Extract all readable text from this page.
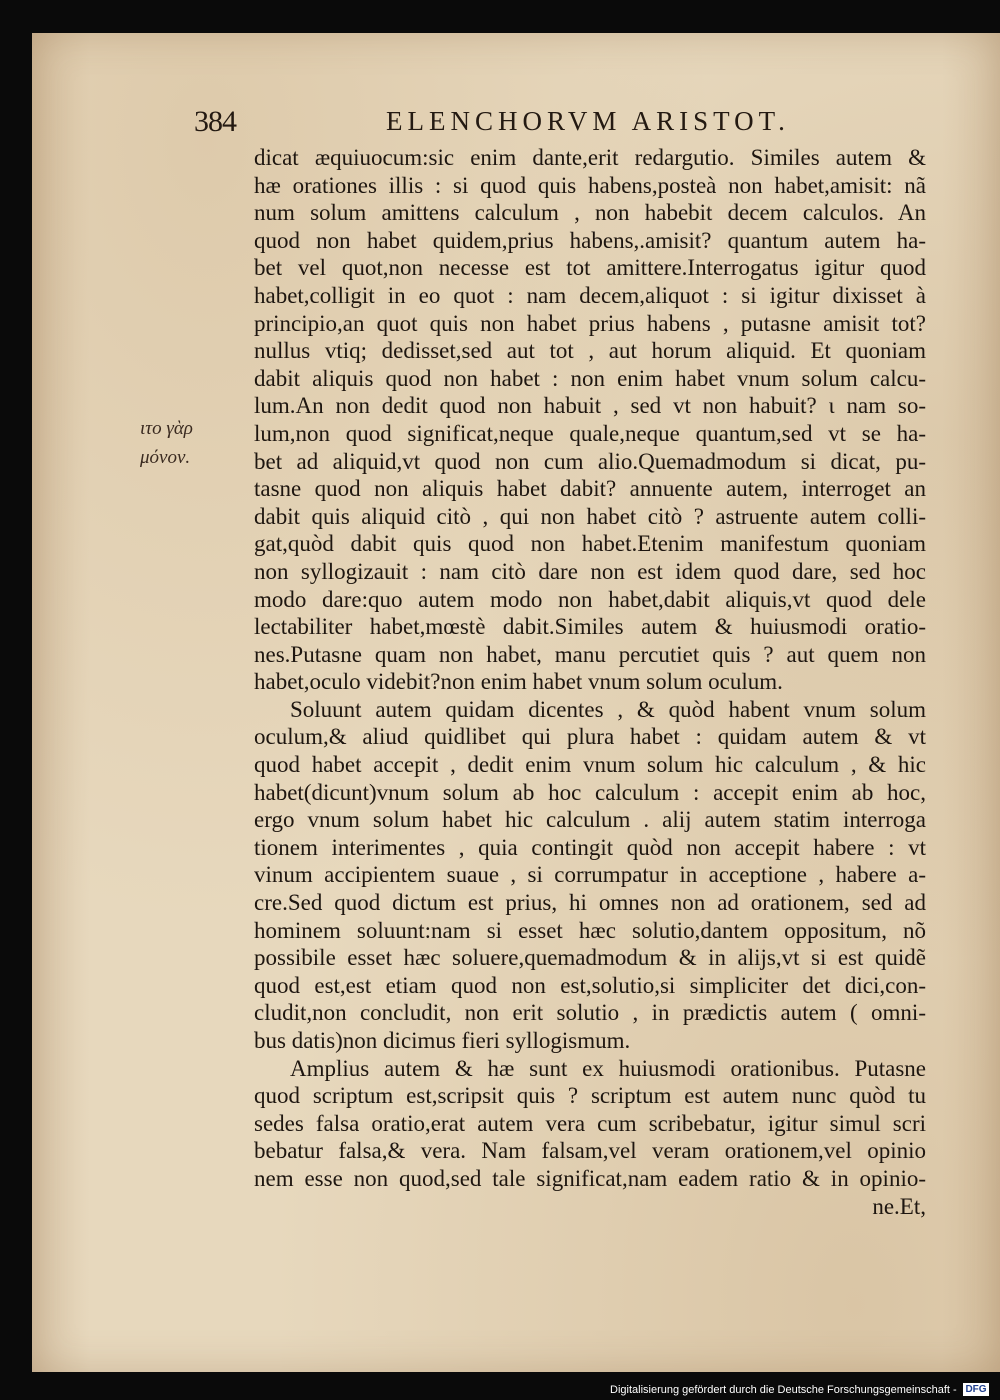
384	ELENCHORVM ARISTOT.
ιτο γὰρ
μόνον.
dicat æquiuocum:sic enim dante,erit redargutio. Similes autem &
hæ orationes illis : si quod quis habens,posteà non habet,amisit: nã
num solum amittens calculum , non habebit decem calculos. An
quod non habet quidem,prius habens,.amisit? quantum autem ha-
bet vel quot,non necesse est tot amittere.Interrogatus igitur quod
habet,colligit in eo quot : nam decem,aliquot : si igitur dixisset à
principio,an quot quis non habet prius habens , putasne amisit tot?
nullus vtiq; dedisset,sed aut tot , aut horum aliquid. Et quoniam
dabit aliquis quod non habet : non enim habet vnum solum calcu-
lum.An non dedit quod non habuit , sed vt non habuit? ι nam so-
lum,non quod significat,neque quale,neque quantum,sed vt se ha-
bet ad aliquid,vt quod non cum alio.Quemadmodum si dicat, pu-
tasne quod non aliquis habet dabit? annuente autem, interroget an
dabit quis aliquid citò , qui non habet citò ? astruente autem colli-
gat,quòd dabit quis quod non habet.Etenim manifestum quoniam
non syllogizauit : nam citò dare non est idem quod dare, sed hoc
modo dare:quo autem modo non habet,dabit aliquis,vt quod dele
lectabiliter habet,mœstè dabit.Similes autem & huiusmodi oratio-
nes.Putasne quam non habet, manu percutiet quis ? aut quem non
habet,oculo videbit?non enim habet vnum solum oculum.
Soluunt autem quidam dicentes , & quòd habent vnum solum
oculum,& aliud quidlibet qui plura habet : quidam autem & vt
quod habet accepit , dedit enim vnum solum hic calculum , & hic
habet(dicunt)vnum solum ab hoc calculum : accepit enim ab hoc,
ergo vnum solum habet hic calculum . alij autem statim interroga
tionem interimentes , quia contingit quòd non accepit habere : vt
vinum accipientem suaue , si corrumpatur in acceptione , habere a-
cre.Sed quod dictum est prius, hi omnes non ad orationem, sed ad
hominem soluunt:nam si esset hæc solutio,dantem oppositum, nõ
possibile esset hæc soluere,quemadmodum & in alijs,vt si est quidẽ
quod est,est etiam quod non est,solutio,si simpliciter det dici,con-
cludit,non concludit, non erit solutio , in prædictis autem ( omni-
bus datis)non dicimus fieri syllogismum.
Amplius autem & hæ sunt ex huiusmodi orationibus. Putasne
quod scriptum est,scripsit quis ? scriptum est autem nunc quòd tu
sedes falsa oratio,erat autem vera cum scribebatur, igitur simul scri
bebatur falsa,& vera. Nam falsam,vel veram orationem,vel opinio
nem esse non quod,sed tale significat,nam eadem ratio & in opinio-
ne.Et,
Digitalisierung gefördert durch die Deutsche Forschungsgemeinschaft - DFG
